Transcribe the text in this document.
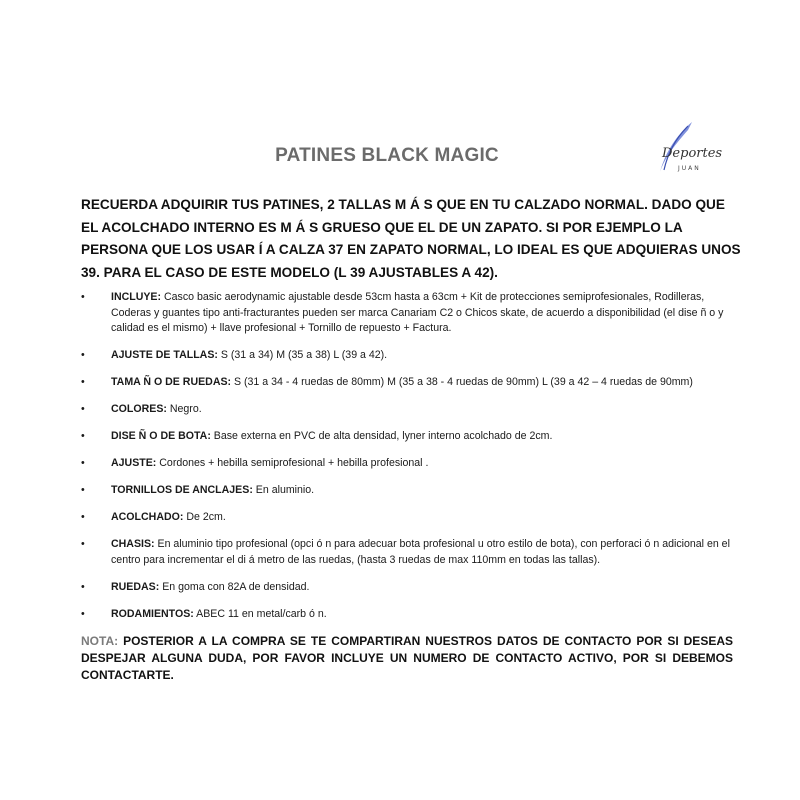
PATINES BLACK MAGIC	Deportes
JUAN

RECUERDA ADQUIRIR TUS PATINES, 2 TALLAS M Á S QUE EN TU CALZADO NORMAL. DADO QUE EL ACOLCHADO INTERNO ES M Á S GRUESO QUE EL DE UN ZAPATO. SI POR EJEMPLO LA PERSONA QUE LOS USAR Í A CALZA 37 EN ZAPATO NORMAL, LO IDEAL ES QUE ADQUIERAS UNOS 39. PARA EL CASO DE ESTE MODELO (L 39 AJUSTABLES A 42).

• INCLUYE: Casco basic aerodynamic ajustable desde 53cm hasta a 63cm + Kit de protecciones semiprofesionales, Rodilleras, Coderas y guantes tipo anti-fracturantes pueden ser marca Canariam C2 o Chicos skate, de acuerdo a disponibilidad (el dise ñ o y calidad es el mismo) + llave profesional + Tornillo de repuesto + Factura.
• AJUSTE DE TALLAS: S (31 a 34) M (35 a 38) L (39 a 42).
• TAMA Ñ O DE RUEDAS: S (31 a 34 - 4 ruedas de 80mm) M (35 a 38 - 4 ruedas de 90mm) L (39 a 42 – 4 ruedas de 90mm)
• COLORES: Negro.
• DISE Ñ O DE BOTA: Base externa en PVC de alta densidad, lyner interno acolchado de 2cm.
• AJUSTE: Cordones + hebilla semiprofesional + hebilla profesional .
• TORNILLOS DE ANCLAJES: En aluminio.
• ACOLCHADO: De 2cm.
• CHASIS: En aluminio tipo profesional (opci ó n para adecuar bota profesional u otro estilo de bota), con perforaci ó n adicional en el centro para incrementar el di á metro de las ruedas, (hasta 3 ruedas de max 110mm en todas las tallas).
• RUEDAS: En goma con 82A de densidad.
• RODAMIENTOS: ABEC 11 en metal/carb ó n.

NOTA: POSTERIOR A LA COMPRA SE TE COMPARTIRAN NUESTROS DATOS DE CONTACTO POR SI DESEAS DESPEJAR ALGUNA DUDA, POR FAVOR INCLUYE UN NUMERO DE CONTACTO ACTIVO, POR SI DEBEMOS CONTACTARTE.
